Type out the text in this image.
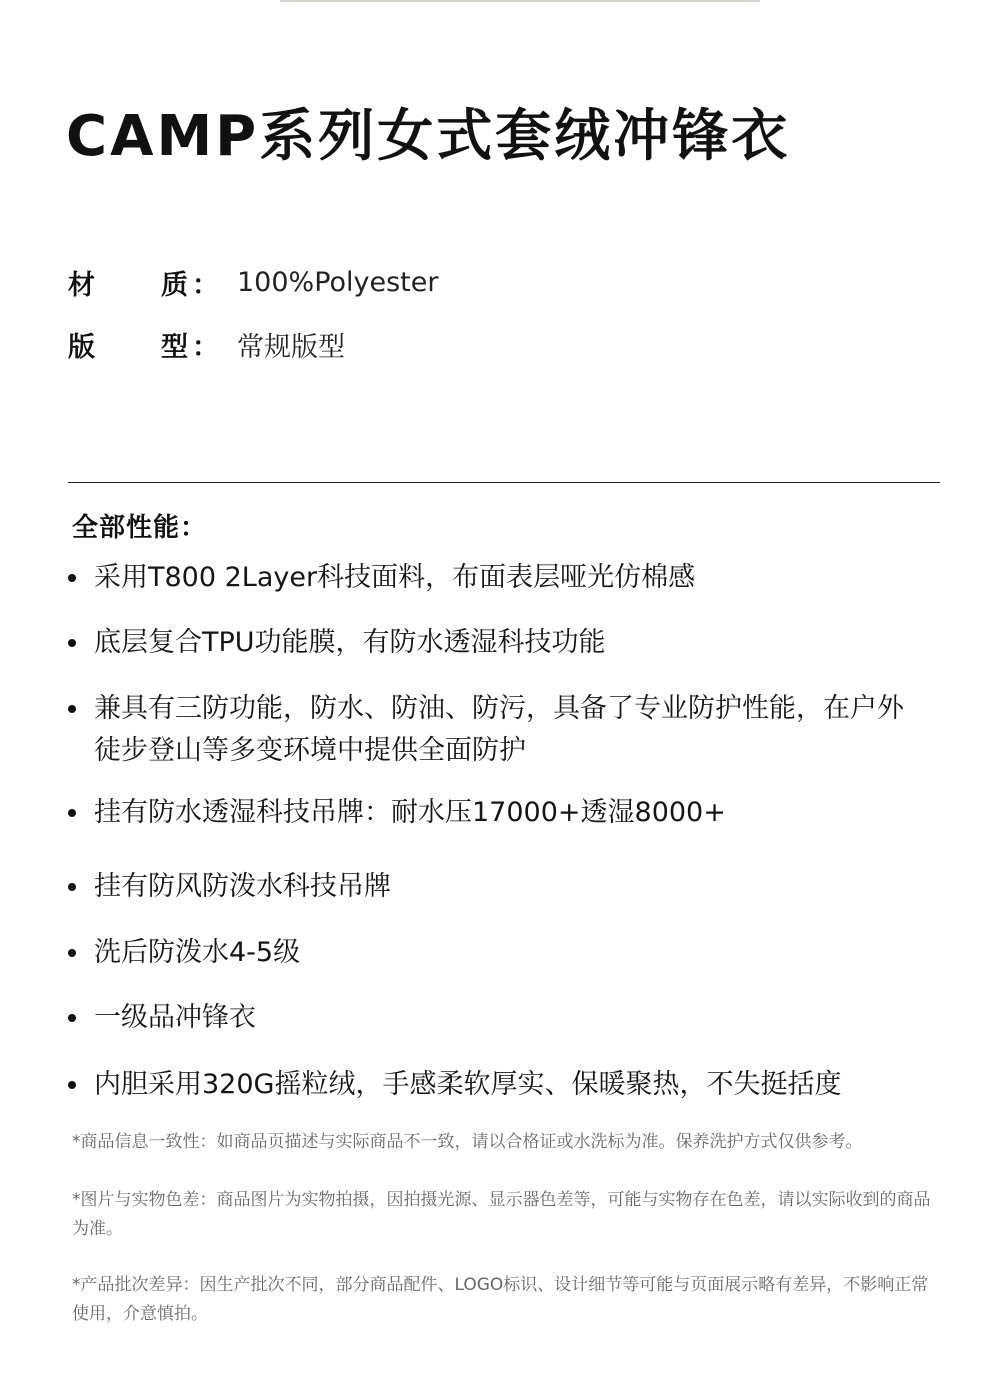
CAMP系列女式套绒冲锋衣
材 质 ： 100%Polyester
版 型 ： 常规版型
全部性能：
采用T800 2Layer科技面料，布面表层哑光仿棉感
底层复合TPU功能膜，有防水透湿科技功能
兼具有三防功能，防水、防油、防污，具备了专业防护性能，在户外徒步登山等多变环境中提供全面防护
挂有防水透湿科技吊牌：耐水压17000+透湿8000+
挂有防风防泼水科技吊牌
洗后防泼水4-5级
一级品冲锋衣
内胆采用320G摇粒绒，手感柔软厚实、保暖聚热，不失挺括度
*商品信息一致性：如商品页描述与实际商品不一致，请以合格证或水洗标为准。保养洗护方式仅供参考。
*图片与实物色差：商品图片为实物拍摄，因拍摄光源、显示器色差等，可能与实物存在色差，请以实际收到的商品为准。
*产品批次差异：因生产批次不同，部分商品配件、LOGO标识、设计细节等可能与页面展示略有差异，不影响正常使用，介意慎拍。
